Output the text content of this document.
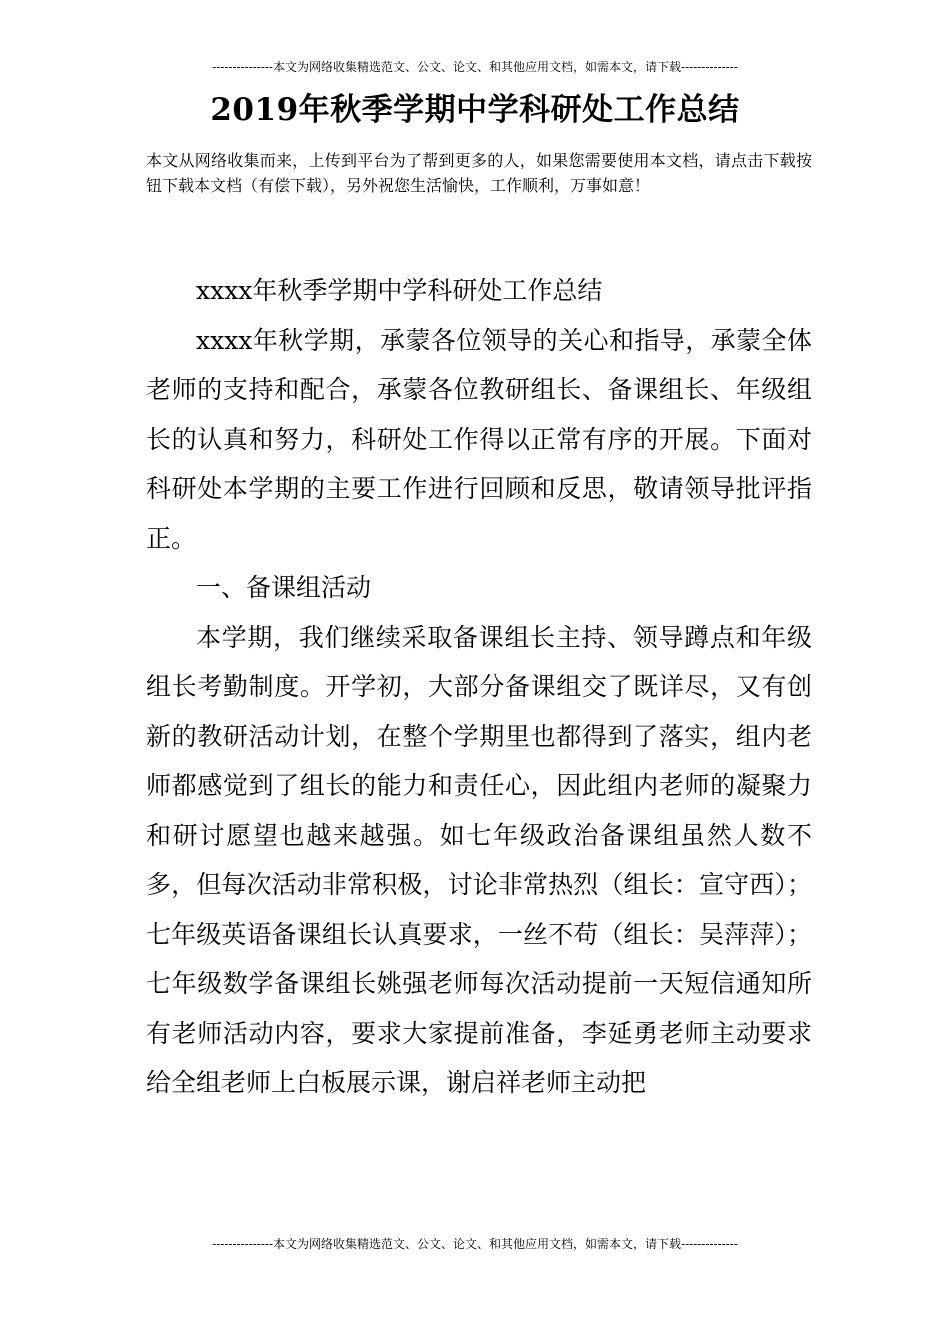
---------------本文为网络收集精选范文、公文、论文、和其他应用文档，如需本文，请下载--------------
2019年秋季学期中学科研处工作总结
本文从网络收集而来，上传到平台为了帮到更多的人，如果您需要使用本文档，请点击下载按钮下载本文档（有偿下载），另外祝您生活愉快，工作顺利，万事如意！

xxxx年秋季学期中学科研处工作总结

xxxx年秋学期，承蒙各位领导的关心和指导，承蒙全体老师的支持和配合，承蒙各位教研组长、备课组长、年级组长的认真和努力，科研处工作得以正常有序的开展。下面对科研处本学期的主要工作进行回顾和反思，敬请领导批评指正。

一、备课组活动

本学期，我们继续采取备课组长主持、领导蹲点和年级组长考勤制度。开学初，大部分备课组交了既详尽，又有创新的教研活动计划，在整个学期里也都得到了落实，组内老师都感觉到了组长的能力和责任心，因此组内老师的凝聚力和研讨愿望也越来越强。如七年级政治备课组虽然人数不多，但每次活动非常积极，讨论非常热烈（组长：宣守西）；七年级英语备课组长认真要求，一丝不苟（组长：吴萍萍）；七年级数学备课组长姚强老师每次活动提前一天短信通知所有老师活动内容，要求大家提前准备，李延勇老师主动要求给全组老师上白板展示课，谢启祥老师主动把

---------------本文为网络收集精选范文、公文、论文、和其他应用文档，如需本文，请下载--------------
